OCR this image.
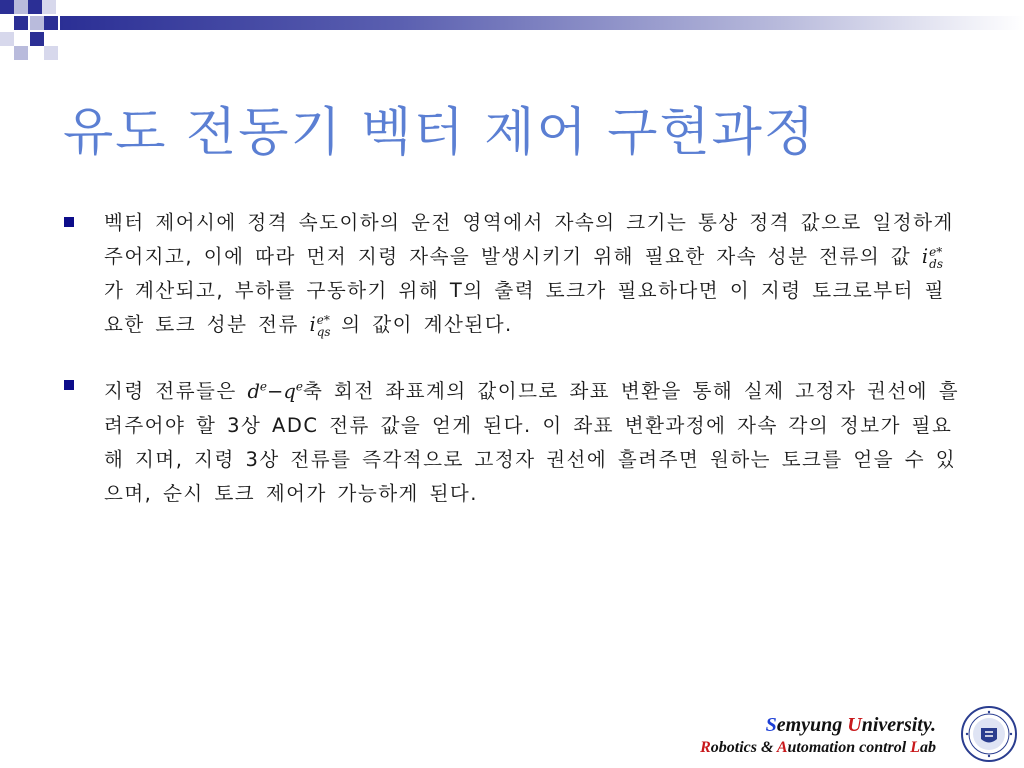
유도 전동기 벡터 제어 구현과정
벡터 제어시에 정격 속도이하의 운전 영역에서 자속의 크기는 통상 정격 값으로 일정하게 주어지고, 이에 따라 먼저 지령 자속을 발생시키기 위해 필요한 자속 성분 전류의 값 i e*
ds
가 계산되고, 부하를 구동하기 위해 T의 출력 토크가 필요하다면 이 지령 토크로부터 필요한 토크 성분 전류 i e*
qs 의 값이 계산된다.
지령 전류들은 $d^e-q^e$축 회전 좌표계의 값이므로 좌표 변환을 통해 실제 고정자 권선에 흘려주어야 할 3상 ADC 전류 값을 얻게 된다. 이 좌표 변환과정에 자속 각의 정보가 필요해 지며, 지령 3상 전류를 즉각적으로 고정자 권선에 흘려주면 원하는 토크를 얻을 수 있으며, 순시 토크 제어가 가능하게 된다.
Semyung University.
Robotics & Automation control Lab
